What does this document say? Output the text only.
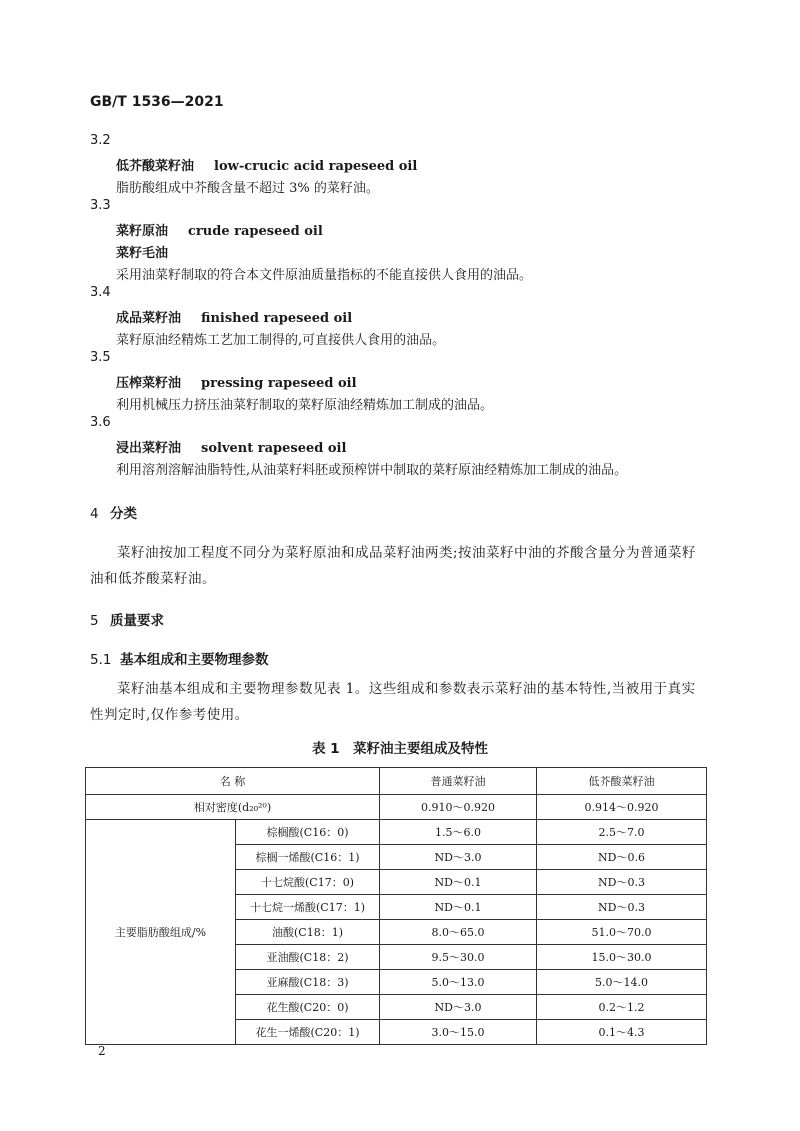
GB/T 1536—2021
3.2
低芥酸菜籽油 low-crucic acid rapeseed oil
脂肪酸组成中芥酸含量不超过 3% 的菜籽油。
3.3
菜籽原油 crude rapeseed oil
菜籽毛油
采用油菜籽制取的符合本文件原油质量指标的不能直接供人食用的油品。
3.4
成品菜籽油 finished rapeseed oil
菜籽原油经精炼工艺加工制得的,可直接供人食用的油品。
3.5
压榨菜籽油 pressing rapeseed oil
利用机械压力挤压油菜籽制取的菜籽原油经精炼加工制成的油品。
3.6
浸出菜籽油 solvent rapeseed oil
利用溶剂溶解油脂特性,从油菜籽料胚或预榨饼中制取的菜籽原油经精炼加工制成的油品。
4 分类
菜籽油按加工程度不同分为菜籽原油和成品菜籽油两类;按油菜籽中油的芥酸含量分为普通菜籽油和低芥酸菜籽油。
5 质量要求
5.1 基本组成和主要物理参数
菜籽油基本组成和主要物理参数见表 1。这些组成和参数表示菜籽油的基本特性,当被用于真实性判定时,仅作参考使用。
表 1　菜籽油主要组成及特性
名 称		普通菜籽油	低芥酸菜籽油
相对密度(d₂₀²⁰)		0.910～0.920	0.914～0.920
主要脂肪酸组成/%	棕榈酸(C16：0)	1.5～6.0	2.5～7.0
	棕榈一烯酸(C16：1)	ND～3.0	ND～0.6
	十七烷酸(C17：0)	ND～0.1	ND～0.3
	十七烷一烯酸(C17：1)	ND～0.1	ND～0.3
	油酸(C18：1)	8.0～65.0	51.0～70.0
	亚油酸(C18：2)	9.5～30.0	15.0～30.0
	亚麻酸(C18：3)	5.0～13.0	5.0～14.0
	花生酸(C20：0)	ND～3.0	0.2～1.2
	花生一烯酸(C20：1)	3.0～15.0	0.1～4.3
2
